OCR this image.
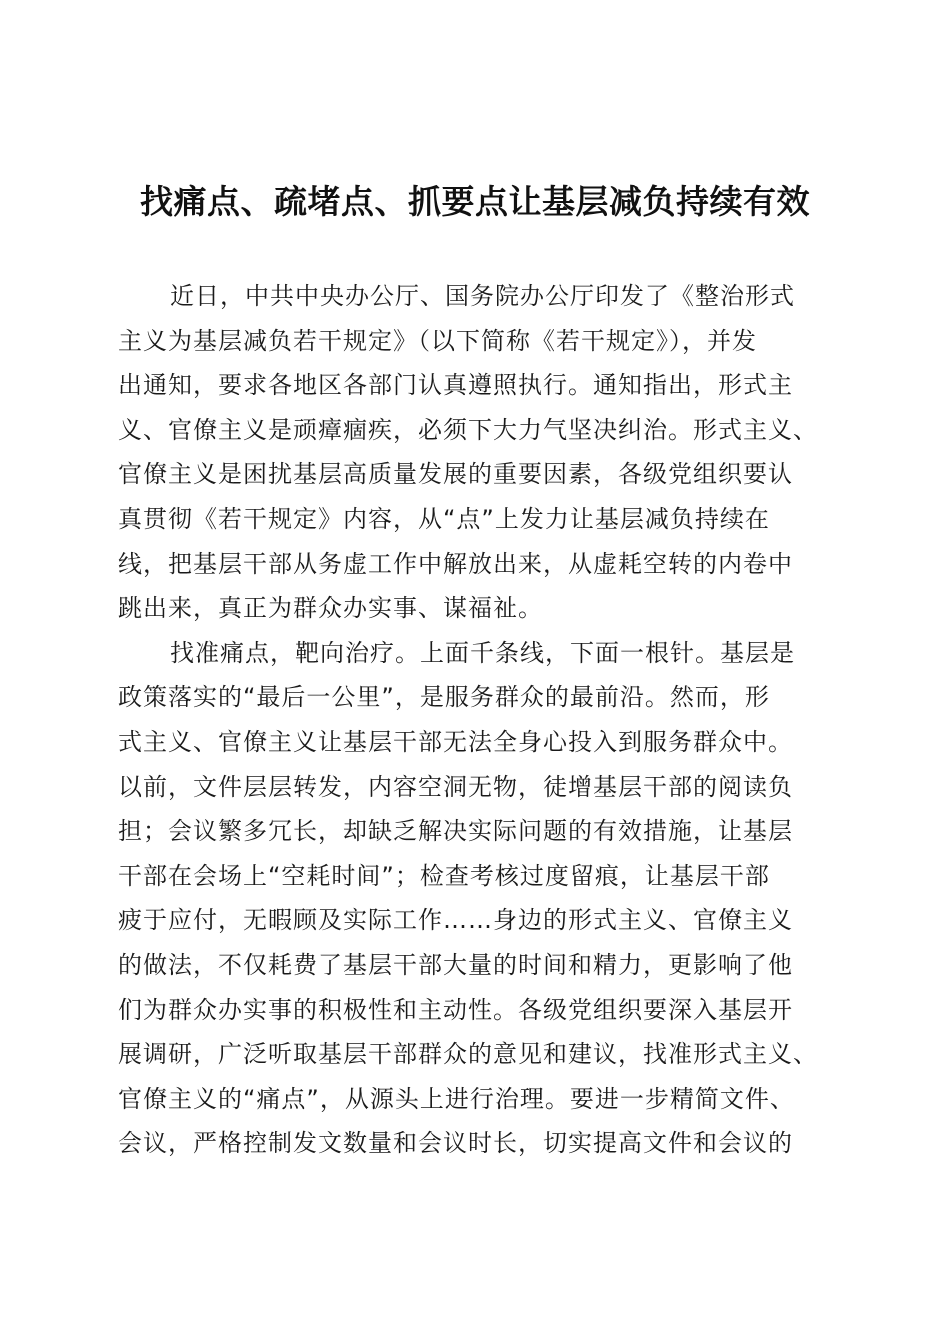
找痛点、疏堵点、抓要点让基层减负持续有效
近日，中共中央办公厅、国务院办公厅印发了《整治形式
主义为基层减负若干规定》（以下简称《若干规定》），并发
出通知，要求各地区各部门认真遵照执行。通知指出，形式主
义、官僚主义是顽瘴痼疾，必须下大力气坚决纠治。形式主义、
官僚主义是困扰基层高质量发展的重要因素，各级党组织要认
真贯彻《若干规定》内容，从“点”上发力让基层减负持续在
线，把基层干部从务虚工作中解放出来，从虚耗空转的内卷中
跳出来，真正为群众办实事、谋福祉。
找准痛点，靶向治疗。上面千条线，下面一根针。基层是
政策落实的“最后一公里”，是服务群众的最前沿。然而，形
式主义、官僚主义让基层干部无法全身心投入到服务群众中。
以前，文件层层转发，内容空洞无物，徒增基层干部的阅读负
担；会议繁多冗长，却缺乏解决实际问题的有效措施，让基层
干部在会场上“空耗时间”；检查考核过度留痕，让基层干部
疲于应付，无暇顾及实际工作……身边的形式主义、官僚主义
的做法，不仅耗费了基层干部大量的时间和精力，更影响了他
们为群众办实事的积极性和主动性。各级党组织要深入基层开
展调研，广泛听取基层干部群众的意见和建议，找准形式主义、
官僚主义的“痛点”，从源头上进行治理。要进一步精简文件、
会议，严格控制发文数量和会议时长，切实提高文件和会议的
